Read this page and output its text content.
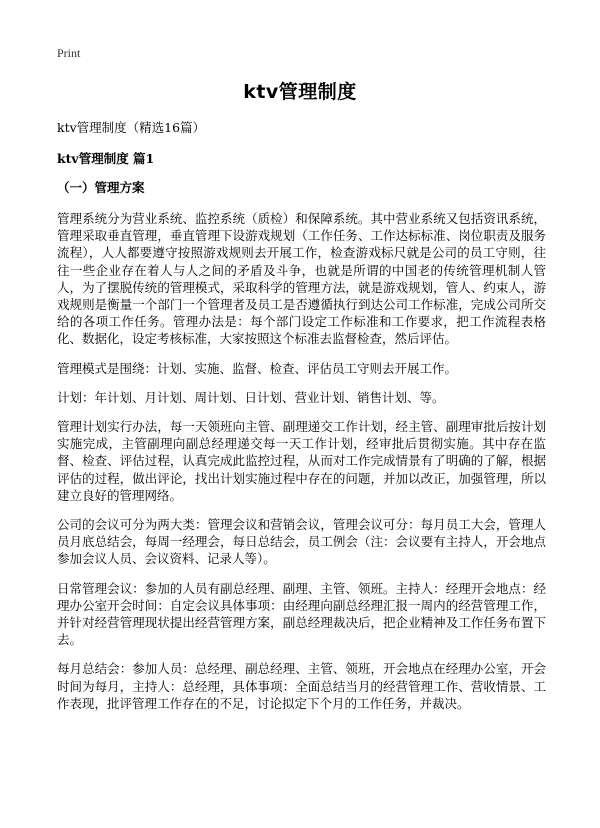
Print
ktv管理制度
ktv管理制度（精选16篇）
ktv管理制度 篇1
（一）管理方案

管理系统分为营业系统、监控系统（质检）和保障系统。其中营业系统又包括资讯系统，管理采取垂直管理，垂直管理下设游戏规划（工作任务、工作达标标准、岗位职责及服务流程），人人都要遵守按照游戏规则去开展工作，检查游戏标尺就是公司的员工守则，往往一些企业存在着人与人之间的矛盾及斗争，也就是所谓的中国老的传统管理机制人管人，为了摆脱传统的管理模式，采取科学的管理方法，就是游戏规划，管人、约束人，游戏规则是衡量一个部门一个管理者及员工是否遵循执行到达公司工作标准，完成公司所交给的各项工作任务。管理办法是：每个部门设定工作标准和工作要求，把工作流程表格化、数据化，设定考核标准，大家按照这个标准去监督检查，然后评估。

管理模式是围绕：计划、实施、监督、检查、评估员工守则去开展工作。

计划：年计划、月计划、周计划、日计划、营业计划、销售计划、等。

管理计划实行办法，每一天领班向主管、副理递交工作计划，经主管、副理审批后按计划实施完成，主管副理向副总经理递交每一天工作计划，经审批后贯彻实施。其中存在监督、检查、评估过程，认真完成此监控过程，从而对工作完成情景有了明确的了解，根据评估的过程，做出评论，找出计划实施过程中存在的问题，并加以改正，加强管理，所以建立良好的管理网络。

公司的会议可分为两大类：管理会议和营销会议，管理会议可分：每月员工大会，管理人员月底总结会，每周一经理会，每日总结会，员工例会（注：会议要有主持人，开会地点参加会议人员、会议资料、记录人等）。

日常管理会议：参加的人员有副总经理、副理、主管、领班。主持人：经理开会地点：经理办公室开会时间：自定会议具体事项：由经理向副总经理汇报一周内的经营管理工作，并针对经营管理现状提出经营管理方案，副总经理裁决后，把企业精神及工作任务布置下去。

每月总结会：参加人员：总经理、副总经理、主管、领班，开会地点在经理办公室，开会时间为每月，主持人：总经理，具体事项：全面总结当月的经营管理工作、营收情景、工作表现，批评管理工作存在的不足，讨论拟定下个月的工作任务，并裁决。
